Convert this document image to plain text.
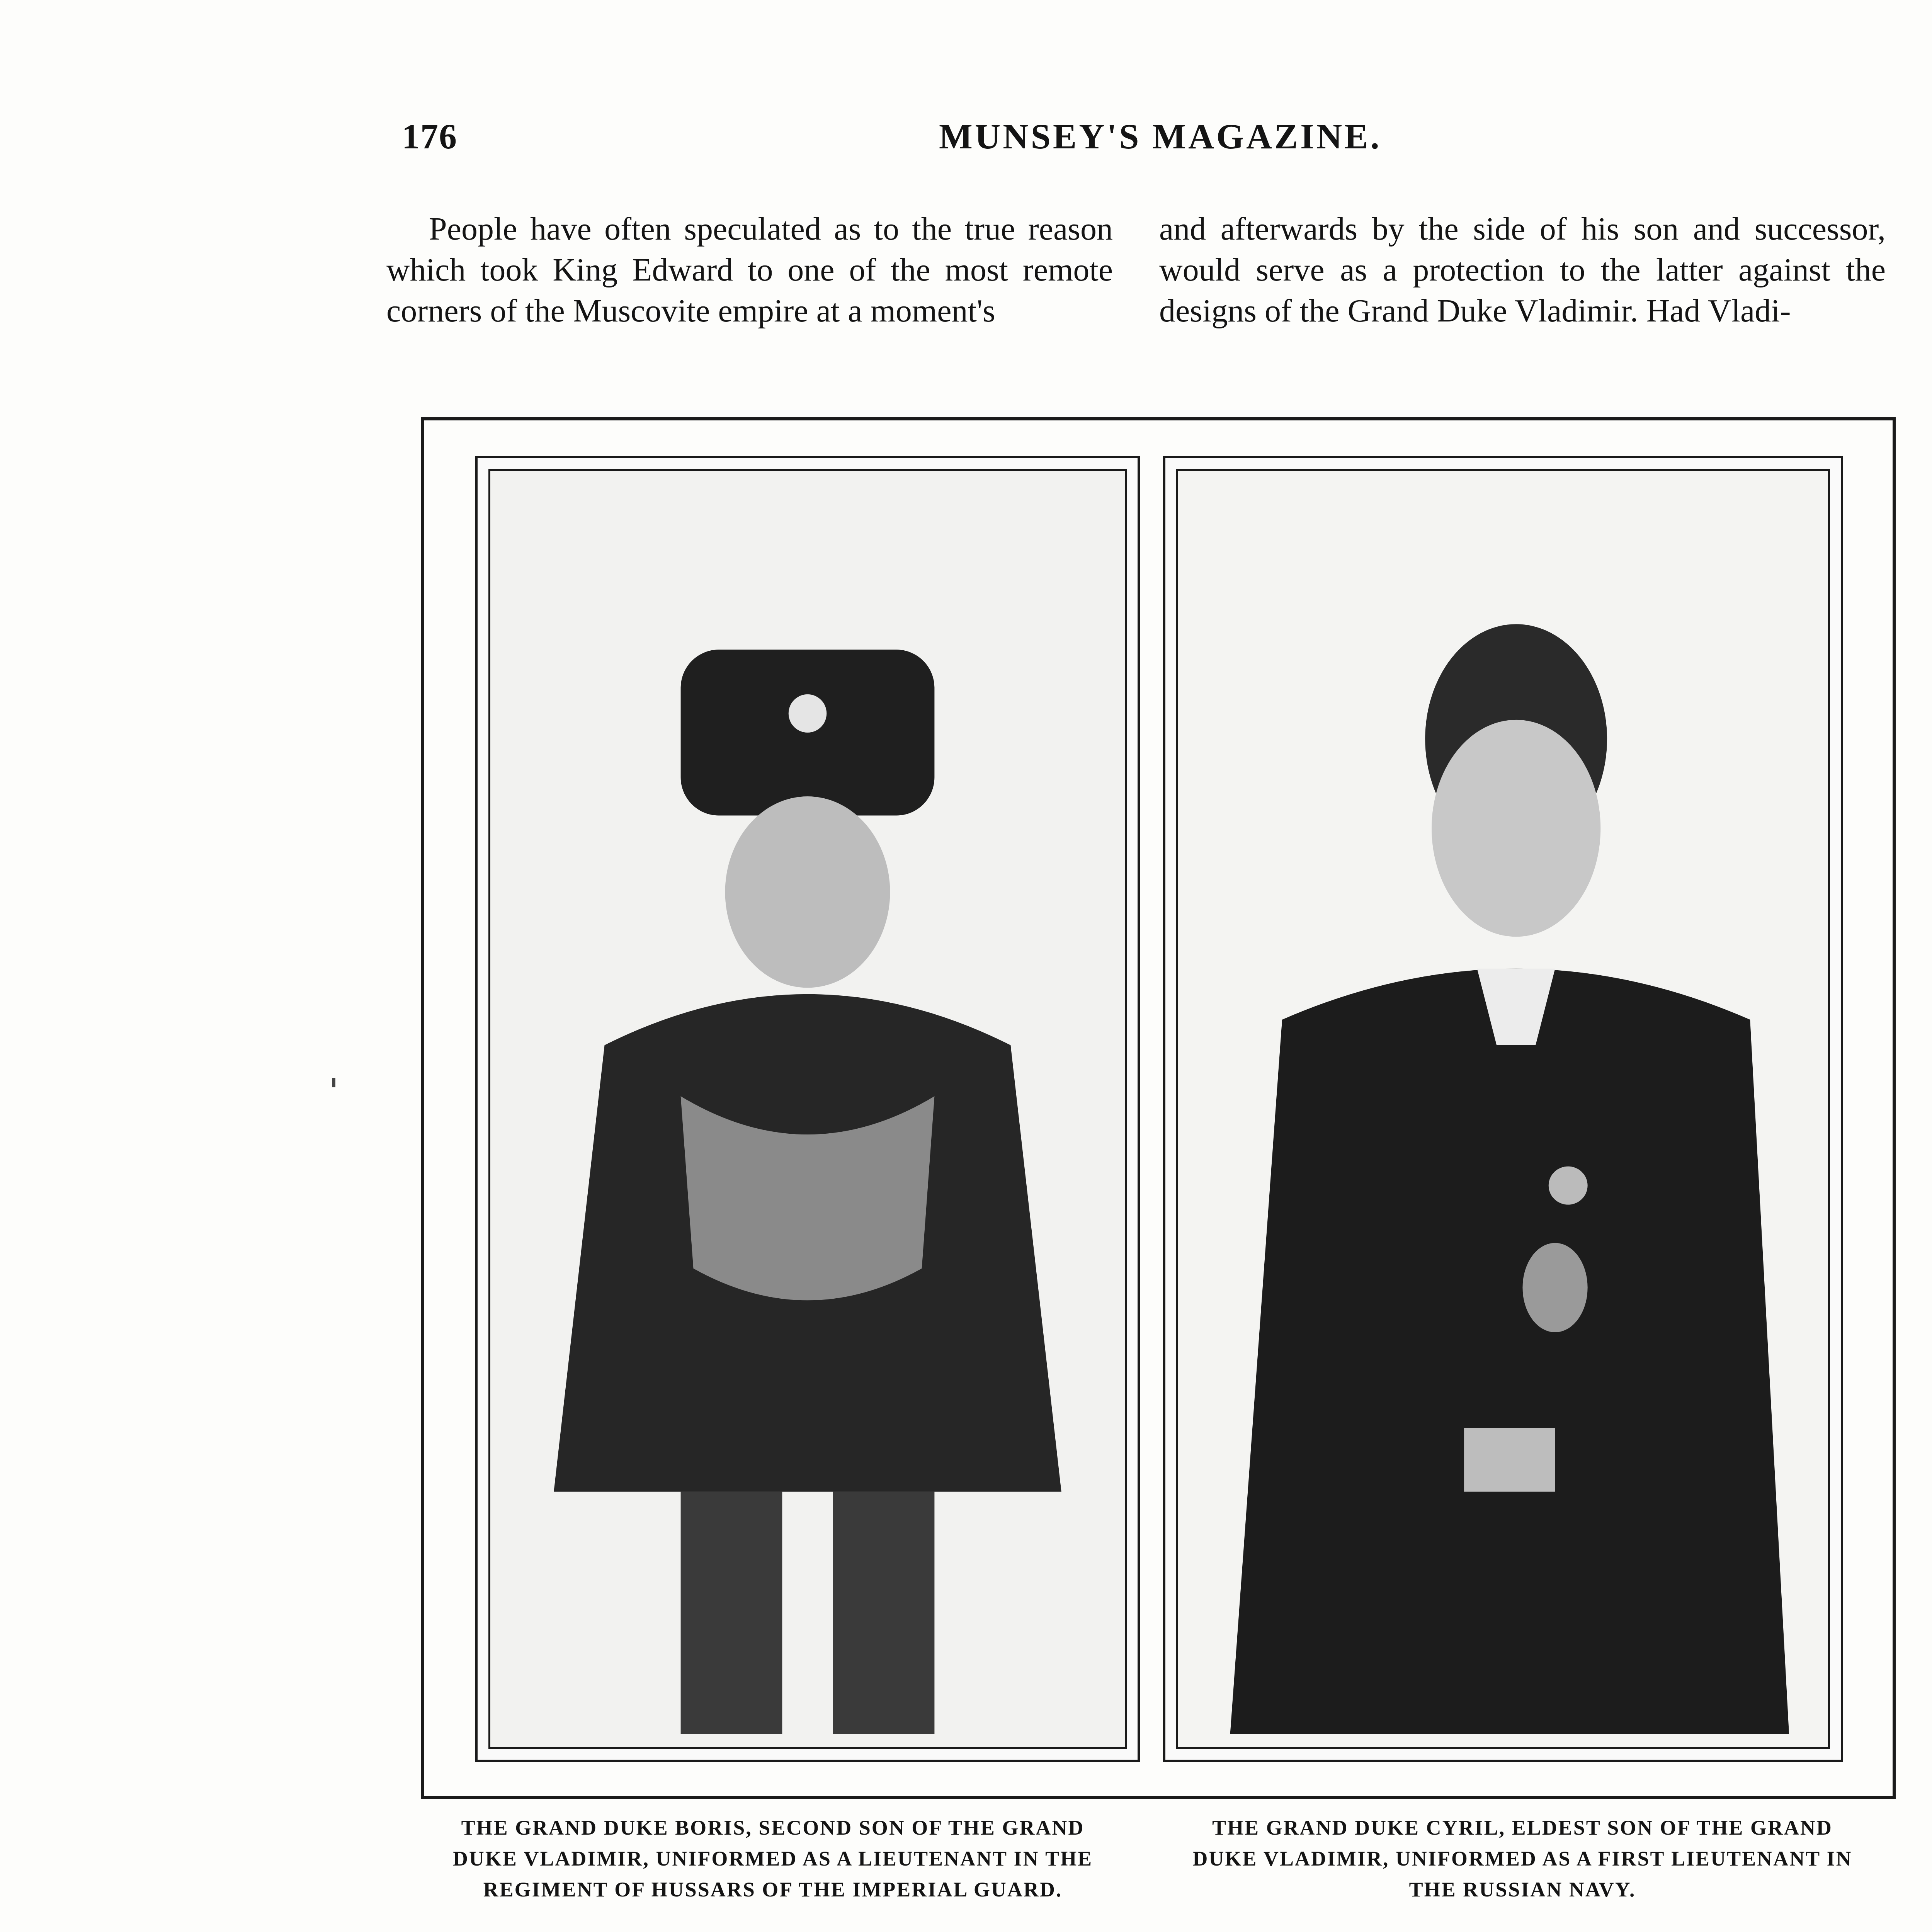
176	MUNSEY'S MAGAZINE.

People have often speculated as to the true reason which took King Edward to one of the most remote corners of the Muscovite empire at a moment's

and afterwards by the side of his son and successor, would serve as a protection to the latter against the designs of the Grand Duke Vladimir. Had Vladi-

THE GRAND DUKE BORIS, SECOND SON OF THE GRAND DUKE VLADIMIR, UNIFORMED AS A LIEUTENANT IN THE REGIMENT OF HUSSARS OF THE IMPERIAL GUARD.
THE GRAND DUKE CYRIL, ELDEST SON OF THE GRAND DUKE VLADIMIR, UNIFORMED AS A FIRST LIEUTENANT IN THE RUSSIAN NAVY.
